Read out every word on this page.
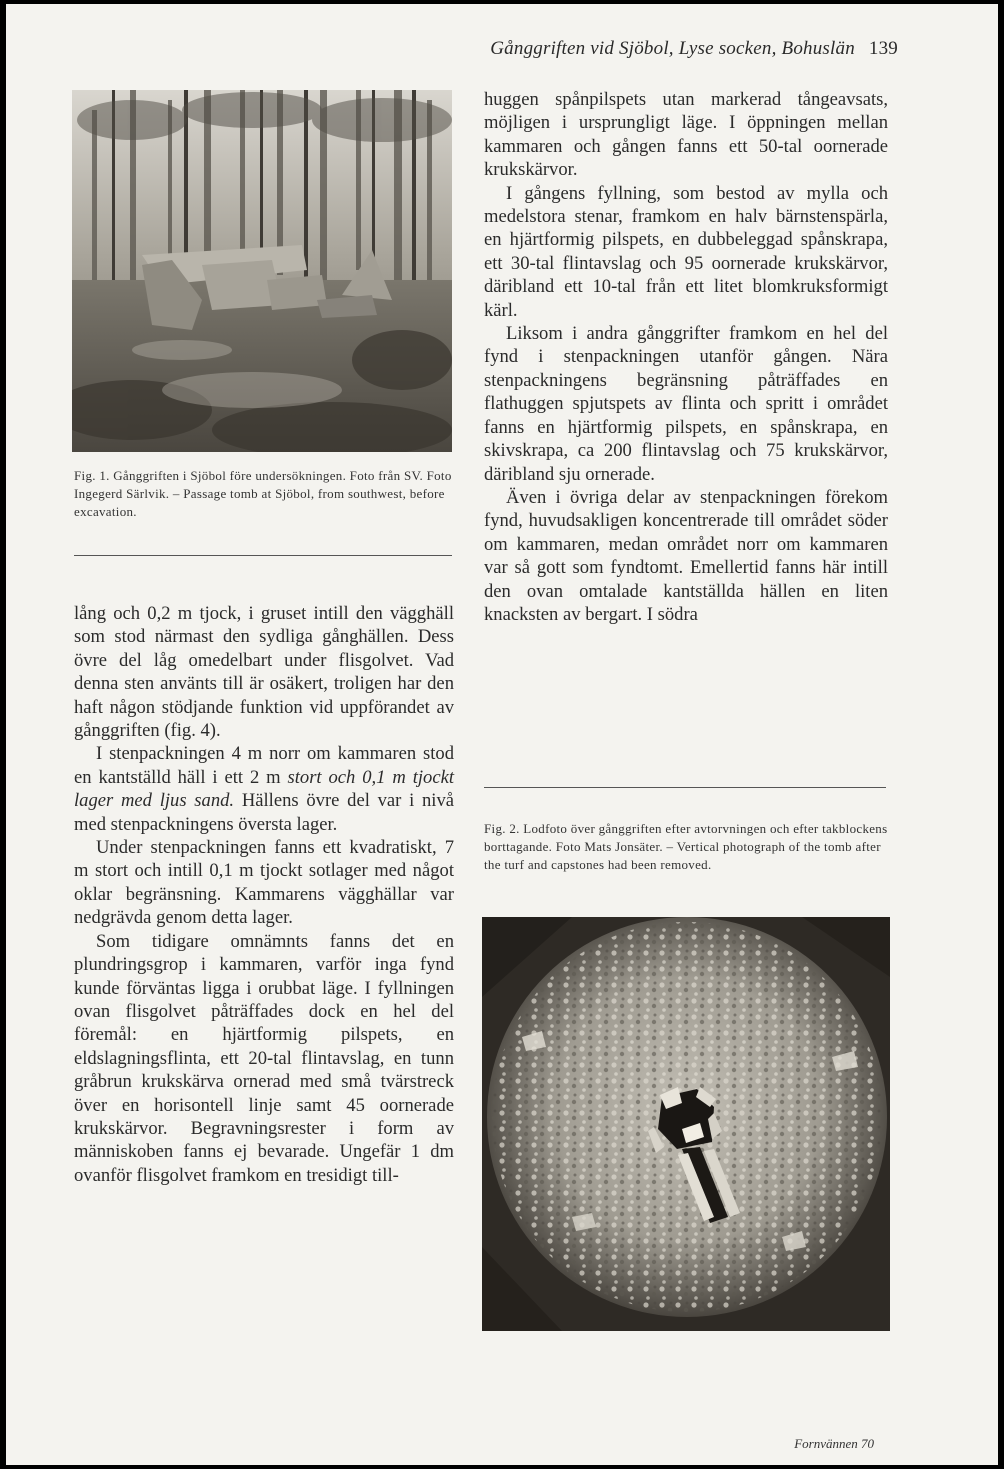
Gånggriften vid Sjöbol, Lyse socken, Bohuslän 139
Fig. 1. Gånggriften i Sjöbol före undersökningen. Foto från SV. Foto Ingegerd Särlvik. – Passage tomb at Sjöbol, from southwest, before excavation.

lång och 0,2 m tjock, i gruset intill den vägghäll som stod närmast den sydliga gånghällen. Dess övre del låg omedelbart under flisgolvet. Vad denna sten använts till är osäkert, troligen har den haft någon stödjande funktion vid uppförandet av gånggriften (fig. 4).

I stenpackningen 4 m norr om kammaren stod en kantställd häll i ett 2 m stort och 0,1 m tjockt lager med ljus sand. Hällens övre del var i nivå med stenpackningens översta lager.

Under stenpackningen fanns ett kvadratiskt, 7 m stort och intill 0,1 m tjockt sotlager med något oklar begränsning. Kammarens vägghällar var nedgrävda genom detta lager.

Som tidigare omnämnts fanns det en plundringsgrop i kammaren, varför inga fynd kunde förväntas ligga i orubbat läge. I fyllningen ovan flisgolvet påträffades dock en hel del föremål: en hjärtformig pilspets, en eldslagningsflinta, ett 20-tal flintavslag, en tunn gråbrun krukskärva ornerad med små tvärstreck över en horisontell linje samt 45 oornerade krukskärvor. Begravningsrester i form av människoben fanns ej bevarade. Ungefär 1 dm ovanför flisgolvet framkom en tresidigt till-

huggen spånpilspets utan markerad tångeavsats, möjligen i ursprungligt läge. I öppningen mellan kammaren och gången fanns ett 50-tal oornerade krukskärvor.

I gångens fyllning, som bestod av mylla och medelstora stenar, framkom en halv bärnstenspärla, en hjärtformig pilspets, en dubbeleggad spånskrapa, ett 30-tal flintavslag och 95 oornerade krukskärvor, däribland ett 10-tal från ett litet blomkruksformigt kärl.

Liksom i andra gånggrifter framkom en hel del fynd i stenpackningen utanför gången. Nära stenpackningens begränsning påträffades en flathuggen spjutspets av flinta och spritt i området fanns en hjärtformig pilspets, en spånskrapa, en skivskrapa, ca 200 flintavslag och 75 krukskärvor, däribland sju ornerade.

Även i övriga delar av stenpackningen förekom fynd, huvudsakligen koncentrerade till området söder om kammaren, medan området norr om kammaren var så gott som fyndtomt. Emellertid fanns här intill den ovan omtalade kantställda hällen en liten knacksten av bergart. I södra

Fig. 2. Lodfoto över gånggriften efter avtorvningen och efter takblockens borttagande. Foto Mats Jonsäter. – Vertical photograph of the tomb after the turf and capstones had been removed.
Fornvännen 70
